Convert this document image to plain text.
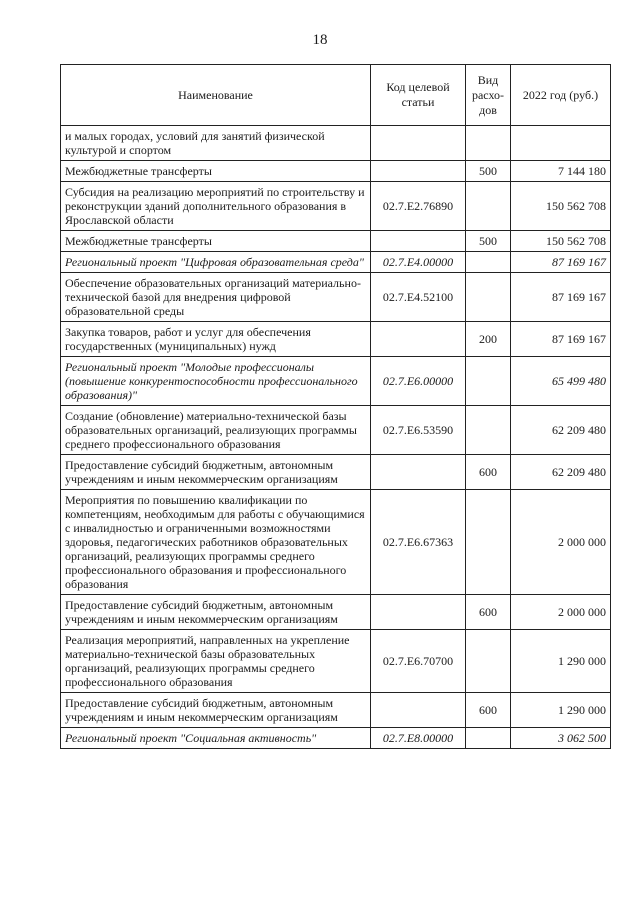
18
Наименование	Код целевой статьи	Вид расхо-дов	2022 год (руб.)
и малых городах, условий для занятий физической культурой и спортом			
Межбюджетные трансферты		500	7 144 180
Субсидия на реализацию мероприятий по строительству и реконструкции зданий дополнительного образования в Ярославской области	02.7.E2.76890		150 562 708
Межбюджетные трансферты		500	150 562 708
Региональный проект "Цифровая образовательная среда"	02.7.E4.00000		87 169 167
Обеспечение образовательных организаций материально-технической базой для внедрения цифровой образовательной среды	02.7.E4.52100		87 169 167
Закупка товаров, работ и услуг для обеспечения государственных (муниципальных) нужд		200	87 169 167
Региональный проект "Молодые профессионалы (повышение конкурентоспособности профессионального образования)"	02.7.E6.00000		65 499 480
Создание (обновление) материально-технической базы образовательных организаций, реализующих программы среднего профессионального образования	02.7.E6.53590		62 209 480
Предоставление субсидий бюджетным, автономным учреждениям и иным некоммерческим организациям		600	62 209 480
Мероприятия по повышению квалификации по компетенциям, необходимым для работы с обучающимися с инвалидностью и ограниченными возможностями здоровья, педагогических работников образовательных организаций, реализующих программы среднего профессионального образования и профессионального образования	02.7.E6.67363		2 000 000
Предоставление субсидий бюджетным, автономным учреждениям и иным некоммерческим организациям		600	2 000 000
Реализация мероприятий, направленных на укрепление материально-технической базы образовательных организаций, реализующих программы среднего профессионального образования	02.7.E6.70700		1 290 000
Предоставление субсидий бюджетным, автономным учреждениям и иным некоммерческим организациям		600	1 290 000
Региональный проект "Социальная активность"	02.7.E8.00000		3 062 500
